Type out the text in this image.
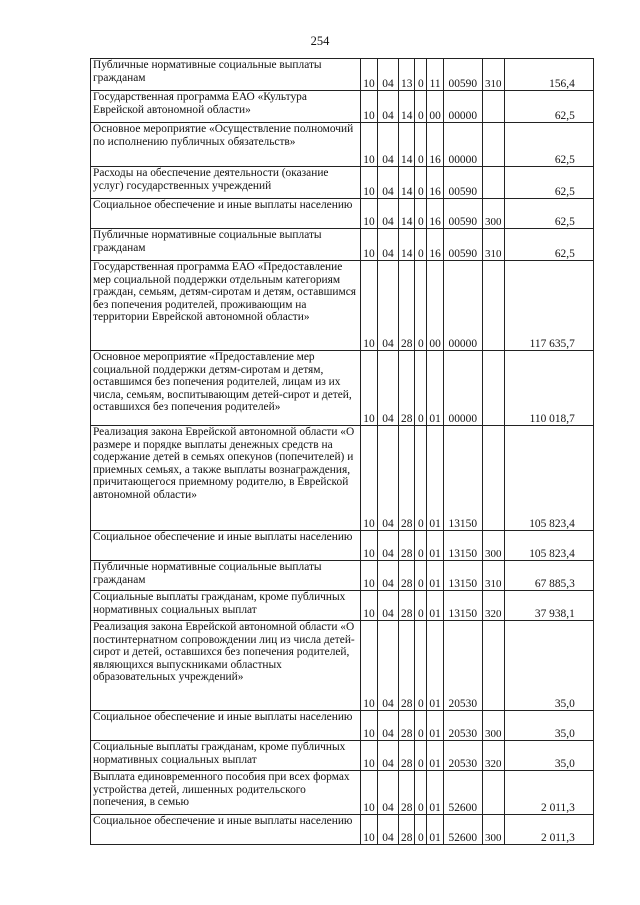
254
Публичные нормативные социальные выплаты гражданам	10	04	13	0	11	00590	310	156,4
Государственная программа ЕАО «Культура Еврейской автономной области»	10	04	14	0	00	00000		62,5
Основное мероприятие «Осуществление полномочий по исполнению публичных обязательств»	10	04	14	0	16	00000		62,5
Расходы на обеспечение деятельности (оказание услуг) государственных учреждений	10	04	14	0	16	00590		62,5
Социальное обеспечение и иные выплаты населению	10	04	14	0	16	00590	300	62,5
Публичные нормативные социальные выплаты гражданам	10	04	14	0	16	00590	310	62,5
Государственная программа ЕАО «Предоставление мер социальной поддержки отдельным категориям граждан, семьям, детям-сиротам и детям, оставшимся без попечения родителей, проживающим на территории Еврейской автономной области»	10	04	28	0	00	00000		117 635,7
Основное мероприятие «Предоставление мер социальной поддержки детям-сиротам и детям, оставшимся без попечения родителей, лицам из их числа, семьям, воспитывающим детей-сирот и детей, оставшихся без попечения родителей»	10	04	28	0	01	00000		110 018,7
Реализация закона Еврейской автономной области «О размере и порядке выплаты денежных средств на содержание детей в семьях опекунов (попечителей) и приемных семьях, а также выплаты вознаграждения, причитающегося приемному родителю, в Еврейской автономной области»	10	04	28	0	01	13150		105 823,4
Социальное обеспечение и иные выплаты населению	10	04	28	0	01	13150	300	105 823,4
Публичные нормативные социальные выплаты гражданам	10	04	28	0	01	13150	310	67 885,3
Социальные выплаты гражданам, кроме публичных нормативных социальных выплат	10	04	28	0	01	13150	320	37 938,1
Реализация закона Еврейской автономной области «О постинтернатном сопровождении лиц из числа детей-сирот и детей, оставшихся без попечения родителей, являющихся выпускниками областных образовательных учреждений»	10	04	28	0	01	20530		35,0
Социальное обеспечение и иные выплаты населению	10	04	28	0	01	20530	300	35,0
Социальные выплаты гражданам, кроме публичных нормативных социальных выплат	10	04	28	0	01	20530	320	35,0
Выплата единовременного пособия при всех формах устройства детей, лишенных родительского попечения, в семью	10	04	28	0	01	52600		2 011,3
Социальное обеспечение и иные выплаты населению	10	04	28	0	01	52600	300	2 011,3
